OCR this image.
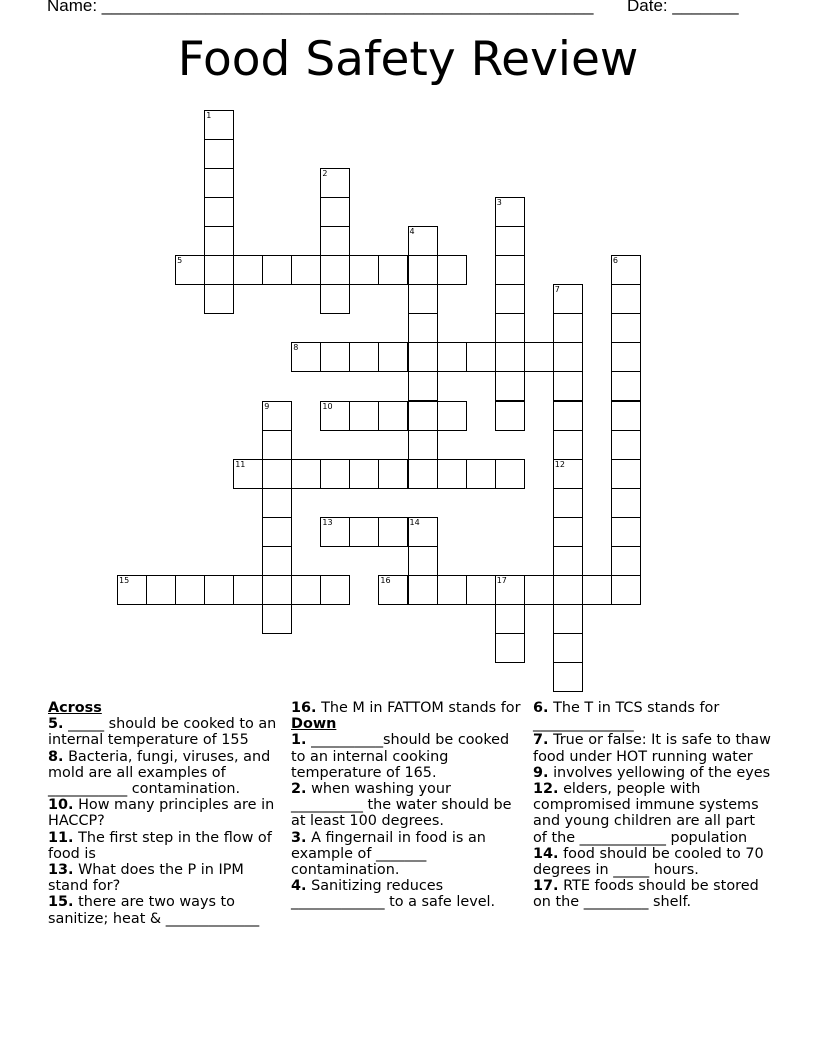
Name: ____________________________________________________ Date: _______
Food Safety Review
1
2
3
4
5	6
7
8
9	10
11	12
13	14
15	16	17
Across
5. _____ should be cooked to an internal temperature of 155
8. Bacteria, fungi, viruses, and mold are all examples of ___________ contamination.
10. How many principles are in HACCP?
11. The first step in the flow of food is
13. What does the P in IPM stand for?
15. there are two ways to sanitize; heat & _____________
16. The M in FATTOM stands for
Down
1. __________should be cooked to an internal cooking temperature of 165.
2. when washing your __________ the water should be at least 100 degrees.
3. A fingernail in food is an example of _______ contamination.
4. Sanitizing reduces _____________ to a safe level.
6. The T in TCS stands for ______________
7. True or false: It is safe to thaw food under HOT running water
9. involves yellowing of the eyes
12. elders, people with compromised immune systems and young children are all part of the ____________ population
14. food should be cooled to 70 degrees in _____ hours.
17. RTE foods should be stored on the _________ shelf.
